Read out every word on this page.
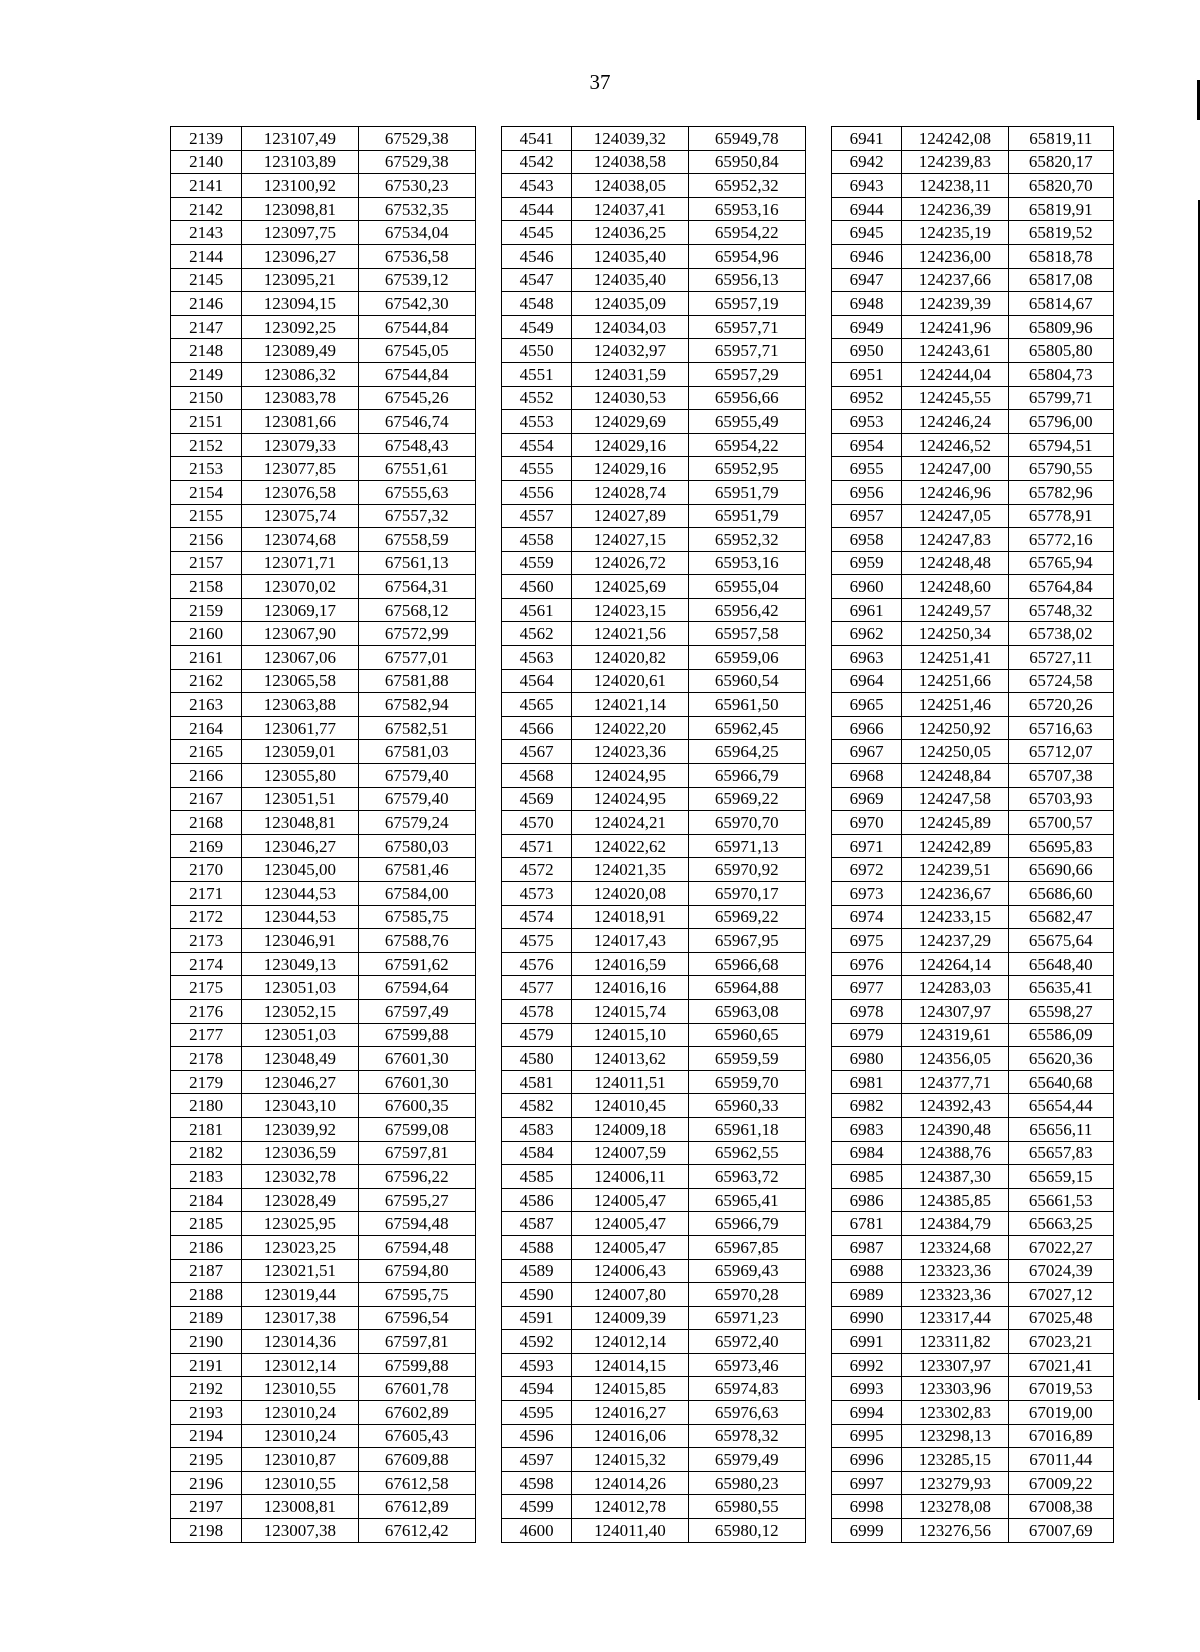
37
2139	123107,49	67529,38		4541	124039,32	65949,78		6941	124242,08	65819,11
2140	123103,89	67529,38		4542	124038,58	65950,84		6942	124239,83	65820,17
2141	123100,92	67530,23		4543	124038,05	65952,32		6943	124238,11	65820,70
2142	123098,81	67532,35		4544	124037,41	65953,16		6944	124236,39	65819,91
2143	123097,75	67534,04		4545	124036,25	65954,22		6945	124235,19	65819,52
2144	123096,27	67536,58		4546	124035,40	65954,96		6946	124236,00	65818,78
2145	123095,21	67539,12		4547	124035,40	65956,13		6947	124237,66	65817,08
2146	123094,15	67542,30		4548	124035,09	65957,19		6948	124239,39	65814,67
2147	123092,25	67544,84		4549	124034,03	65957,71		6949	124241,96	65809,96
2148	123089,49	67545,05		4550	124032,97	65957,71		6950	124243,61	65805,80
2149	123086,32	67544,84		4551	124031,59	65957,29		6951	124244,04	65804,73
2150	123083,78	67545,26		4552	124030,53	65956,66		6952	124245,55	65799,71
2151	123081,66	67546,74		4553	124029,69	65955,49		6953	124246,24	65796,00
2152	123079,33	67548,43		4554	124029,16	65954,22		6954	124246,52	65794,51
2153	123077,85	67551,61		4555	124029,16	65952,95		6955	124247,00	65790,55
2154	123076,58	67555,63		4556	124028,74	65951,79		6956	124246,96	65782,96
2155	123075,74	67557,32		4557	124027,89	65951,79		6957	124247,05	65778,91
2156	123074,68	67558,59		4558	124027,15	65952,32		6958	124247,83	65772,16
2157	123071,71	67561,13		4559	124026,72	65953,16		6959	124248,48	65765,94
2158	123070,02	67564,31		4560	124025,69	65955,04		6960	124248,60	65764,84
2159	123069,17	67568,12		4561	124023,15	65956,42		6961	124249,57	65748,32
2160	123067,90	67572,99		4562	124021,56	65957,58		6962	124250,34	65738,02
2161	123067,06	67577,01		4563	124020,82	65959,06		6963	124251,41	65727,11
2162	123065,58	67581,88		4564	124020,61	65960,54		6964	124251,66	65724,58
2163	123063,88	67582,94		4565	124021,14	65961,50		6965	124251,46	65720,26
2164	123061,77	67582,51		4566	124022,20	65962,45		6966	124250,92	65716,63
2165	123059,01	67581,03		4567	124023,36	65964,25		6967	124250,05	65712,07
2166	123055,80	67579,40		4568	124024,95	65966,79		6968	124248,84	65707,38
2167	123051,51	67579,40		4569	124024,95	65969,22		6969	124247,58	65703,93
2168	123048,81	67579,24		4570	124024,21	65970,70		6970	124245,89	65700,57
2169	123046,27	67580,03		4571	124022,62	65971,13		6971	124242,89	65695,83
2170	123045,00	67581,46		4572	124021,35	65970,92		6972	124239,51	65690,66
2171	123044,53	67584,00		4573	124020,08	65970,17		6973	124236,67	65686,60
2172	123044,53	67585,75		4574	124018,91	65969,22		6974	124233,15	65682,47
2173	123046,91	67588,76		4575	124017,43	65967,95		6975	124237,29	65675,64
2174	123049,13	67591,62		4576	124016,59	65966,68		6976	124264,14	65648,40
2175	123051,03	67594,64		4577	124016,16	65964,88		6977	124283,03	65635,41
2176	123052,15	67597,49		4578	124015,74	65963,08		6978	124307,97	65598,27
2177	123051,03	67599,88		4579	124015,10	65960,65		6979	124319,61	65586,09
2178	123048,49	67601,30		4580	124013,62	65959,59		6980	124356,05	65620,36
2179	123046,27	67601,30		4581	124011,51	65959,70		6981	124377,71	65640,68
2180	123043,10	67600,35		4582	124010,45	65960,33		6982	124392,43	65654,44
2181	123039,92	67599,08		4583	124009,18	65961,18		6983	124390,48	65656,11
2182	123036,59	67597,81		4584	124007,59	65962,55		6984	124388,76	65657,83
2183	123032,78	67596,22		4585	124006,11	65963,72		6985	124387,30	65659,15
2184	123028,49	67595,27		4586	124005,47	65965,41		6986	124385,85	65661,53
2185	123025,95	67594,48		4587	124005,47	65966,79		6781	124384,79	65663,25
2186	123023,25	67594,48		4588	124005,47	65967,85		6987	123324,68	67022,27
2187	123021,51	67594,80		4589	124006,43	65969,43		6988	123323,36	67024,39
2188	123019,44	67595,75		4590	124007,80	65970,28		6989	123323,36	67027,12
2189	123017,38	67596,54		4591	124009,39	65971,23		6990	123317,44	67025,48
2190	123014,36	67597,81		4592	124012,14	65972,40		6991	123311,82	67023,21
2191	123012,14	67599,88		4593	124014,15	65973,46		6992	123307,97	67021,41
2192	123010,55	67601,78		4594	124015,85	65974,83		6993	123303,96	67019,53
2193	123010,24	67602,89		4595	124016,27	65976,63		6994	123302,83	67019,00
2194	123010,24	67605,43		4596	124016,06	65978,32		6995	123298,13	67016,89
2195	123010,87	67609,88		4597	124015,32	65979,49		6996	123285,15	67011,44
2196	123010,55	67612,58		4598	124014,26	65980,23		6997	123279,93	67009,22
2197	123008,81	67612,89		4599	124012,78	65980,55		6998	123278,08	67008,38
2198	123007,38	67612,42		4600	124011,40	65980,12		6999	123276,56	67007,69
